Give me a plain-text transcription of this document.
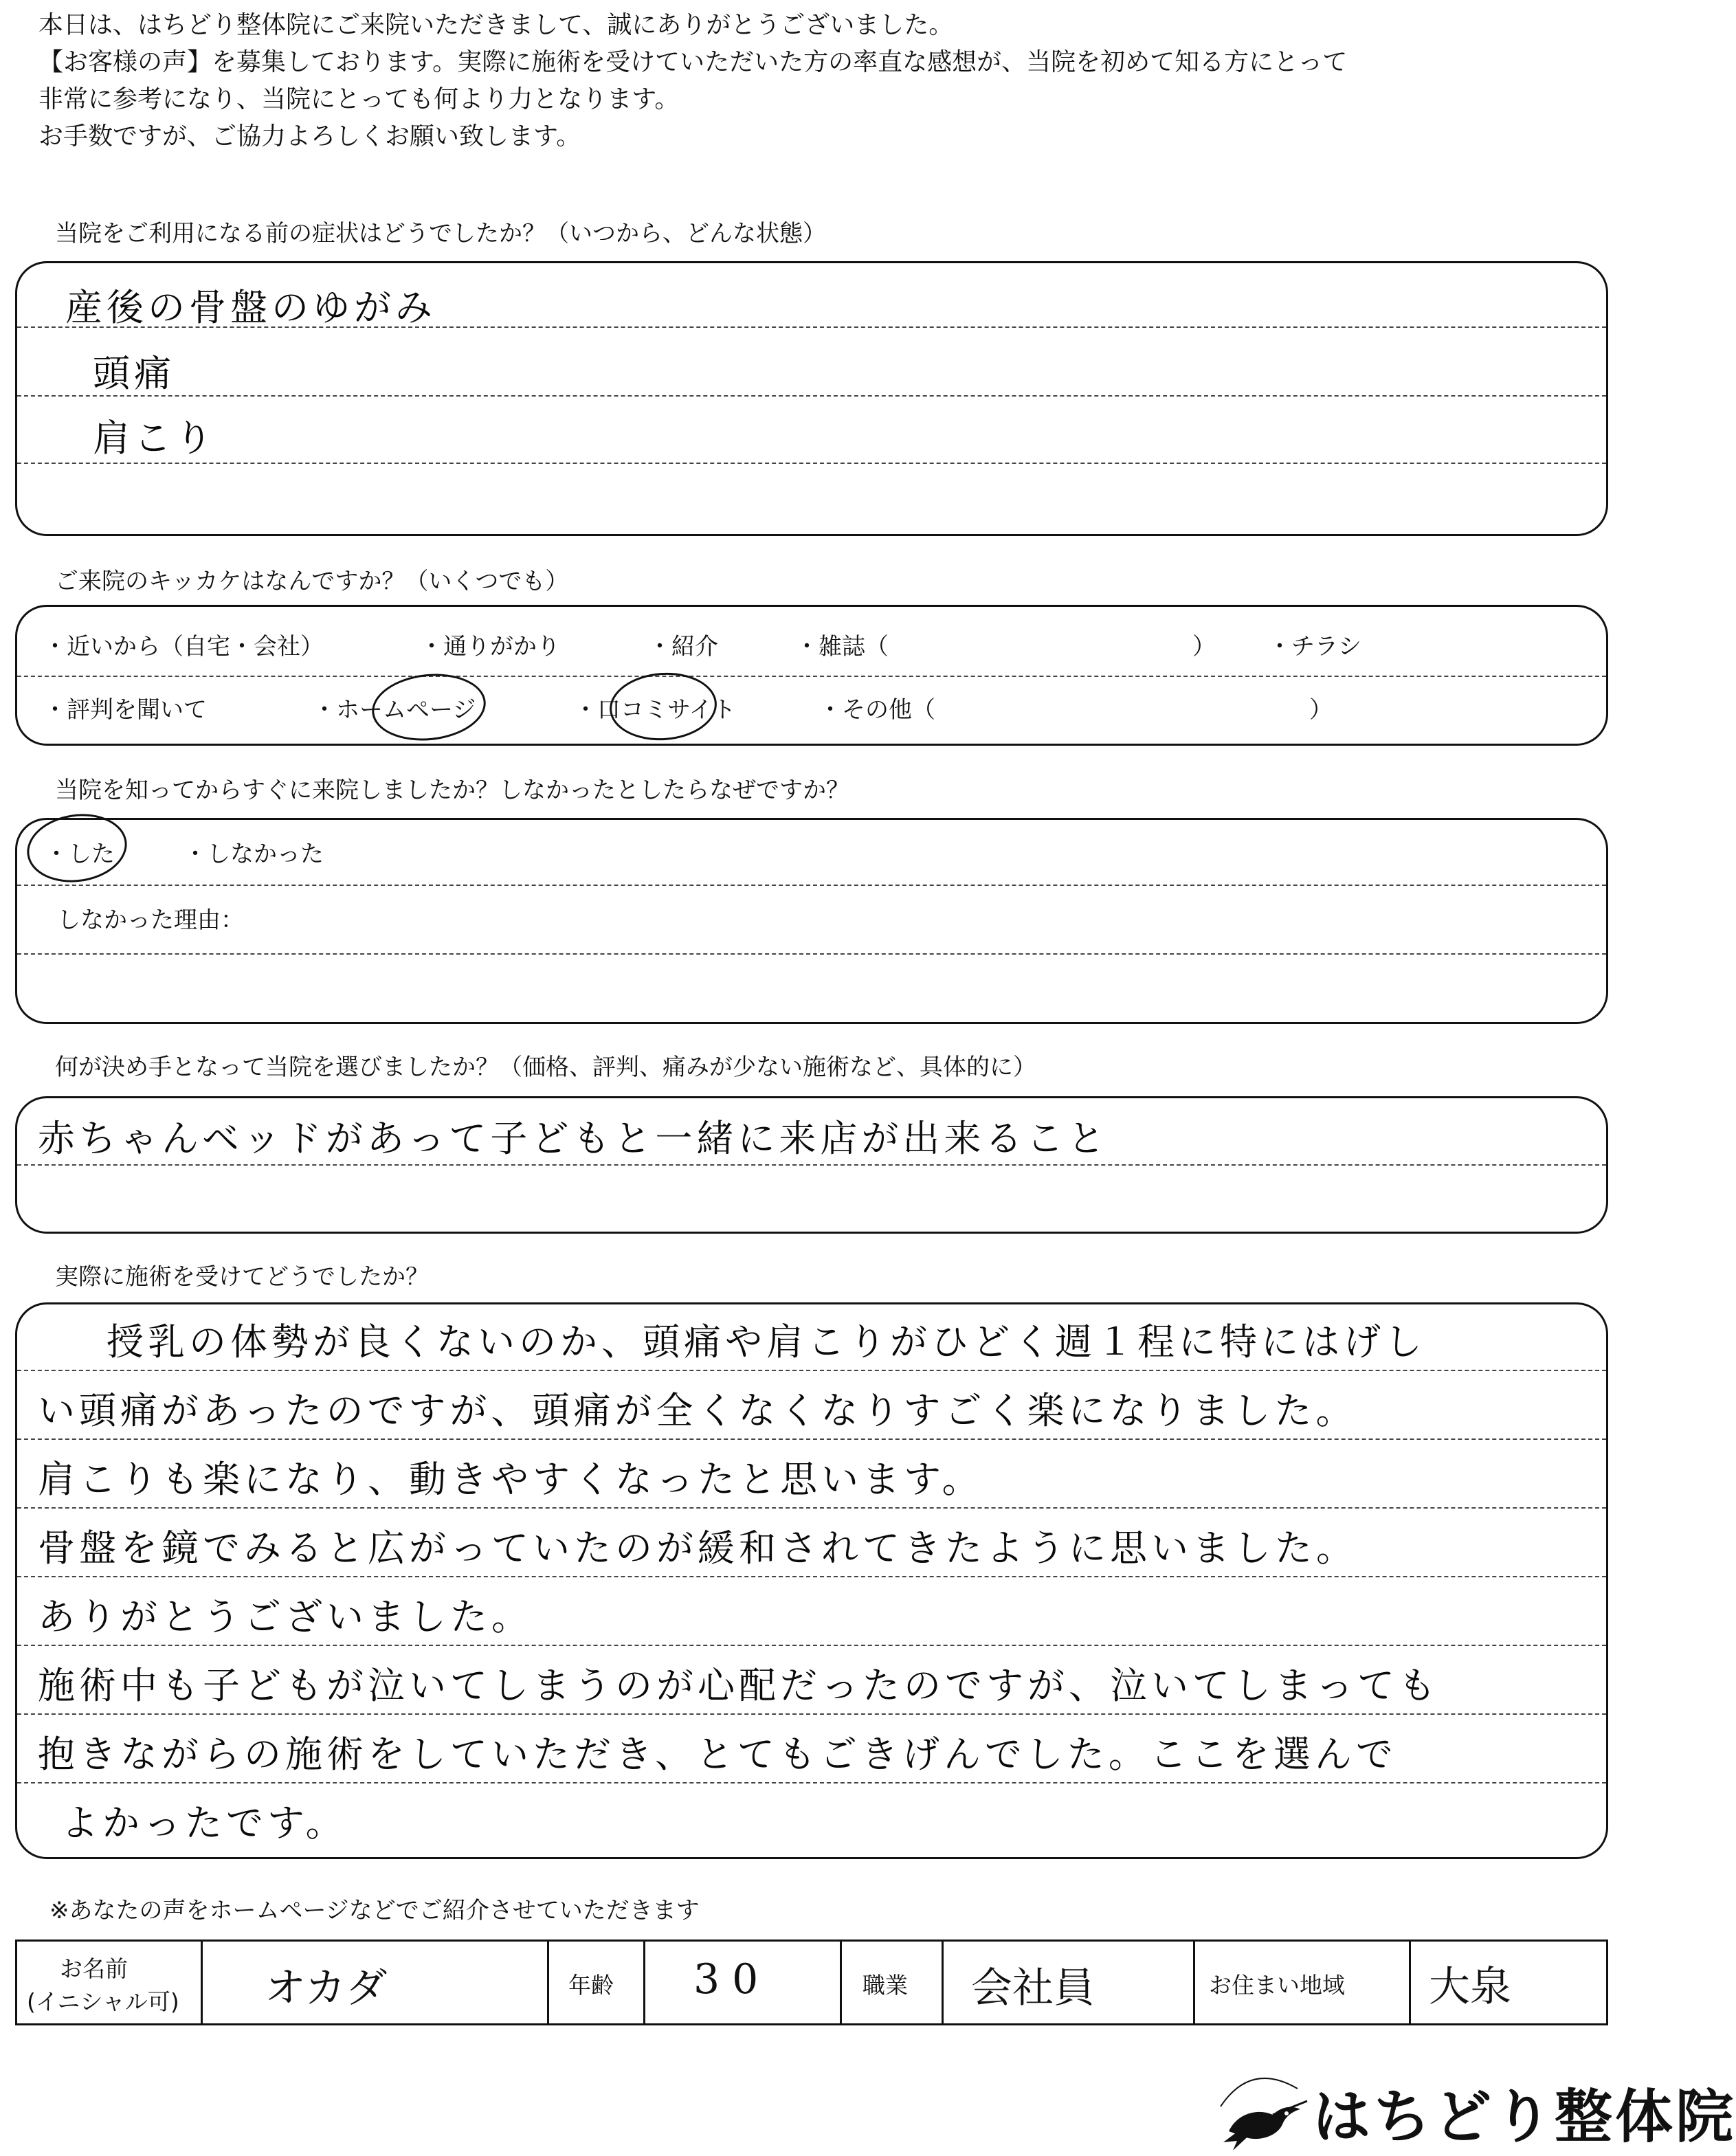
本日は、はちどり整体院にご来院いただきまして、誠にありがとうございました。
【お客様の声】を募集しております。実際に施術を受けていただいた方の率直な感想が、当院を初めて知る方にとって
非常に参考になり、当院にとっても何より力となります。
お手数ですが、ご協力よろしくお願い致します。
当院をご利用になる前の症状はどうでしたか？（いつから、どんな状態）
産後の骨盤のゆがみ
頭痛
肩こり
ご来院のキッカケはなんですか？（いくつでも）
・近いから（自宅・会社）	・通りがかり	・紹介	・雑誌（	） ・チラシ
・評判を聞いて	・ホームページ	・口コミサイト	・その他（	）
当院を知ってからすぐに来院しましたか？しなかったとしたらなぜですか？
・した	・しなかった
しなかった理由：
何が決め手となって当院を選びましたか？（価格、評判、痛みが少ない施術など、具体的に）
赤ちゃんベッドがあって子どもと一緒に来店が出来ること
実際に施術を受けてどうでしたか？
授乳の体勢が良くないのか、頭痛や肩こりがひどく週１程に特にはげし
い頭痛があったのですが、頭痛が全くなくなりすごく楽になりました。
肩こりも楽になり、動きやすくなったと思います。
骨盤を鏡でみると広がっていたのが緩和されてきたように思いました。
ありがとうございました。
施術中も子どもが泣いてしまうのが心配だったのですが、泣いてしまっても
抱きながらの施術をしていただき、とてもごきげんでした。ここを選んで
よかったです。
※あなたの声をホームページなどでご紹介させていただきます
お名前
(イニシャル可) オカダ	年齢 30	職業 会社員	お住まい地域 大泉
はちどり整体院
